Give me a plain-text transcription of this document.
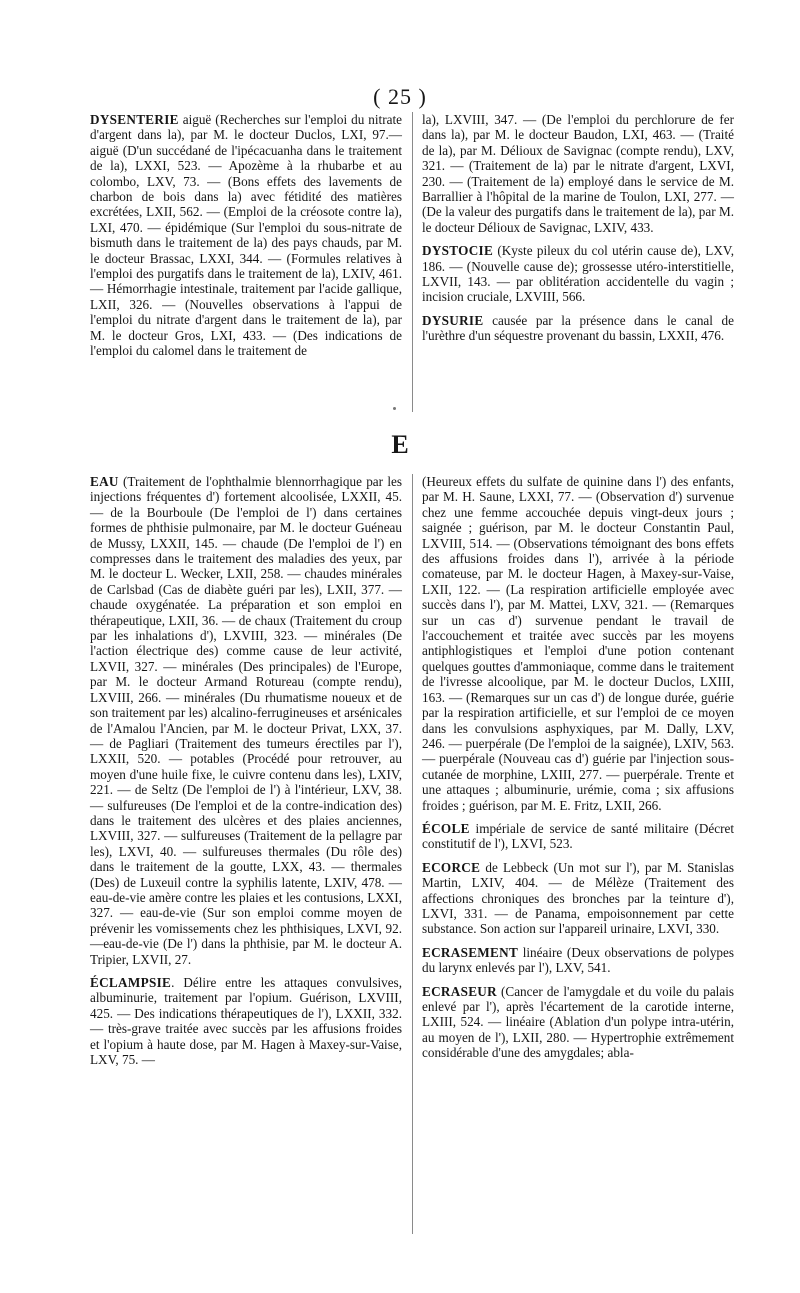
( 25 )

DYSENTERIE aiguë (Recherches sur l'emploi du nitrate d'argent dans la), par M. le docteur Duclos, LXI, 97.—aiguë (D'un succédané de l'ipécacuanha dans le traitement de la), LXXI, 523. — Apozème à la rhubarbe et au colombo, LXV, 73. — (Bons effets des lavements de charbon de bois dans la) avec fétidité des matières excrétées, LXII, 562. — (Emploi de la créosote contre la), LXI, 470. — épidémique (Sur l'emploi du sous-nitrate de bismuth dans le traitement de la) des pays chauds, par M. le docteur Brassac, LXXI, 344. — (Formules relatives à l'emploi des purgatifs dans le traitement de la), LXIV, 461. — Hémorrhagie intestinale, traitement par l'acide gallique, LXII, 326. — (Nouvelles observations à l'appui de l'emploi du nitrate d'argent dans le traitement de la), par M. le docteur Gros, LXI, 433. — (Des indications de l'emploi du calomel dans le traitement de

la), LXVIII, 347. — (De l'emploi du perchlorure de fer dans la), par M. le docteur Baudon, LXI, 463. — (Traité de la), par M. Délioux de Savignac (compte rendu), LXV, 321. — (Traitement de la) par le nitrate d'argent, LXVI, 230. — (Traitement de la) employé dans le service de M. Barrallier à l'hôpital de la marine de Toulon, LXI, 277. — (De la valeur des purgatifs dans le traitement de la), par M. le docteur Délioux de Savignac, LXIV, 433.

DYSTOCIE (Kyste pileux du col utérin cause de), LXV, 186. — (Nouvelle cause de); grossesse utéro-interstitielle, LXVII, 143. — par oblitération accidentelle du vagin ; incision cruciale, LXVIII, 566.

DYSURIE causée par la présence dans le canal de l'urèthre d'un séquestre provenant du bassin, LXXII, 476.

E

EAU (Traitement de l'ophthalmie blennorrhagique par les injections fréquentes d') fortement alcoolisée, LXXII, 45. — de la Bourboule (De l'emploi de l') dans certaines formes de phthisie pulmonaire, par M. le docteur Guéneau de Mussy, LXXII, 145. — chaude (De l'emploi de l') en compresses dans le traitement des maladies des yeux, par M. le docteur L. Wecker, LXII, 258. — chaudes minérales de Carlsbad (Cas de diabète guéri par les), LXII, 377. — chaude oxygénatée. La préparation et son emploi en thérapeutique, LXII, 36. — de chaux (Traitement du croup par les inhalations d'), LXVIII, 323. — minérales (De l'action électrique des) comme cause de leur activité, LXVII, 327. — minérales (Des principales) de l'Europe, par M. le docteur Armand Rotureau (compte rendu), LXVIII, 266. — minérales (Du rhumatisme noueux et de son traitement par les) alcalino-ferrugineuses et arsénicales de l'Amalou l'Ancien, par M. le docteur Privat, LXX, 37. — de Pagliari (Traitement des tumeurs érectiles par l'), LXXII, 520. — potables (Procédé pour retrouver, au moyen d'une huile fixe, le cuivre contenu dans les), LXIV, 221. — de Seltz (De l'emploi de l') à l'intérieur, LXV, 38. — sulfureuses (De l'emploi et de la contre-indication des) dans le traitement des ulcères et des plaies anciennes, LXVIII, 327. — sulfureuses (Traitement de la pellagre par les), LXVI, 40. — sulfureuses thermales (Du rôle des) dans le traitement de la goutte, LXX, 43. — thermales (Des) de Luxeuil contre la syphilis latente, LXIV, 478. — eau-de-vie amère contre les plaies et les contusions, LXXI, 327. — eau-de-vie (Sur son emploi comme moyen de prévenir les vomissements chez les phthisiques, LXVI, 92.—eau-de-vie (De l') dans la phthisie, par M. le docteur A. Tripier, LXVII, 27.

ÉCLAMPSIE. Délire entre les attaques convulsives, albuminurie, traitement par l'opium. Guérison, LXVIII, 425. — Des indications thérapeutiques de l'), LXXII, 332. — très-grave traitée avec succès par les affusions froides et l'opium à haute dose, par M. Hagen à Maxey-sur-Vaise, LXV, 75. —

(Heureux effets du sulfate de quinine dans l') des enfants, par M. H. Saune, LXXI, 77. — (Observation d') survenue chez une femme accouchée depuis vingt-deux jours ; saignée ; guérison, par M. le docteur Constantin Paul, LXVIII, 514. — (Observations témoignant des bons effets des affusions froides dans l'), arrivée à la période comateuse, par M. le docteur Hagen, à Maxey-sur-Vaise, LXII, 122. — (La respiration artificielle employée avec succès dans l'), par M. Mattei, LXV, 321. — (Remarques sur un cas d') survenue pendant le travail de l'accouchement et traitée avec succès par les moyens antiphlogistiques et l'emploi d'une potion contenant quelques gouttes d'ammoniaque, comme dans le traitement de l'ivresse alcoolique, par M. le docteur Duclos, LXIII, 163. — (Remarques sur un cas d') de longue durée, guérie par la respiration artificielle, et sur l'emploi de ce moyen dans les convulsions asphyxiques, par M. Dally, LXV, 246. — puerpérale (De l'emploi de la saignée), LXIV, 563. — puerpérale (Nouveau cas d') guérie par l'injection sous-cutanée de morphine, LXIII, 277. — puerpérale. Trente et une attaques ; albuminurie, urémie, coma ; six affusions froides ; guérison, par M. E. Fritz, LXII, 266.

ÉCOLE impériale de service de santé militaire (Décret constitutif de l'), LXVI, 523.

ECORCE de Lebbeck (Un mot sur l'), par M. Stanislas Martin, LXIV, 404. — de Mélèze (Traitement des affections chroniques des bronches par la teinture d'), LXVI, 331. — de Panama, empoisonnement par cette substance. Son action sur l'appareil urinaire, LXVI, 330.

ECRASEMENT linéaire (Deux observations de polypes du larynx enlevés par l'), LXV, 541.

ECRASEUR (Cancer de l'amygdale et du voile du palais enlevé par l'), après l'écartement de la carotide interne, LXIII, 524. — linéaire (Ablation d'un polype intra-utérin, au moyen de l'), LXII, 280. — Hypertrophie extrêmement considérable d'une des amygdales; abla-
